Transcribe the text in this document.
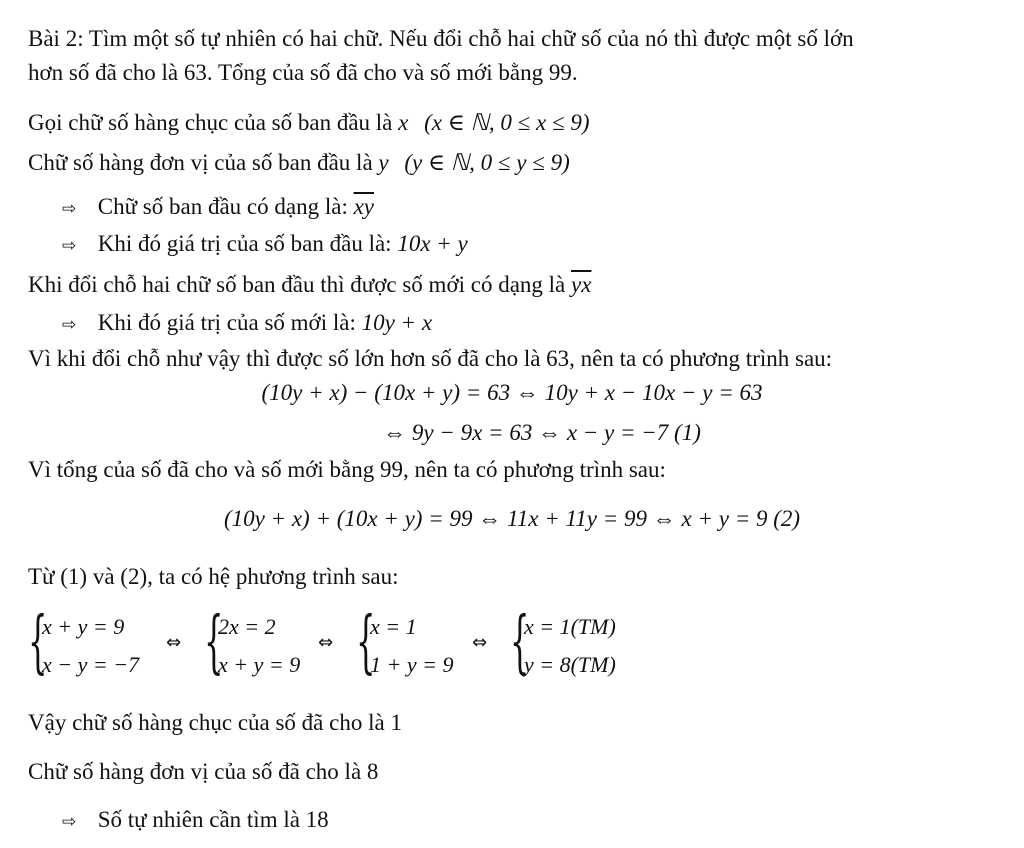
Bài 2: Tìm một số tự nhiên có hai chữ. Nếu đổi chỗ hai chữ số của nó thì được một số lớn
hơn số đã cho là 63. Tổng của số đã cho và số mới bằng 99.
Gọi chữ số hàng chục của số ban đầu là x (x ∈ ℕ, 0 ≤ x ≤ 9)
Chữ số hàng đơn vị của số ban đầu là y (y ∈ ℕ, 0 ≤ y ≤ 9)
⇨ Chữ số ban đầu có dạng là: $\overline{xy}$
⇨ Khi đó giá trị của số ban đầu là: 10x + y
Khi đổi chỗ hai chữ số ban đầu thì được số mới có dạng là $\overline{yx}$
⇨ Khi đó giá trị của số mới là: 10y + x
Vì khi đổi chỗ như vậy thì được số lớn hơn số đã cho là 63, nên ta có phương trình sau:
(10y + x) − (10x + y) = 63 ⇔ 10y + x − 10x − y = 63
⇔ 9y − 9x = 63 ⇔ x − y = −7 (1)
Vì tổng của số đã cho và số mới bằng 99, nên ta có phương trình sau:
(10y + x) + (10x + y) = 99 ⇔ 11x + 11y = 99 ⇔ x + y = 9 (2)
Từ (1) và (2), ta có hệ phương trình sau:
{
x + y = 9
x − y = −7
⇔ {
2x = 2
x + y = 9
⇔ {
x = 1
1 + y = 9
⇔ {
x = 1(TM)
y = 8(TM)
Vậy chữ số hàng chục của số đã cho là 1
Chữ số hàng đơn vị của số đã cho là 8
⇨ Số tự nhiên cần tìm là 18
